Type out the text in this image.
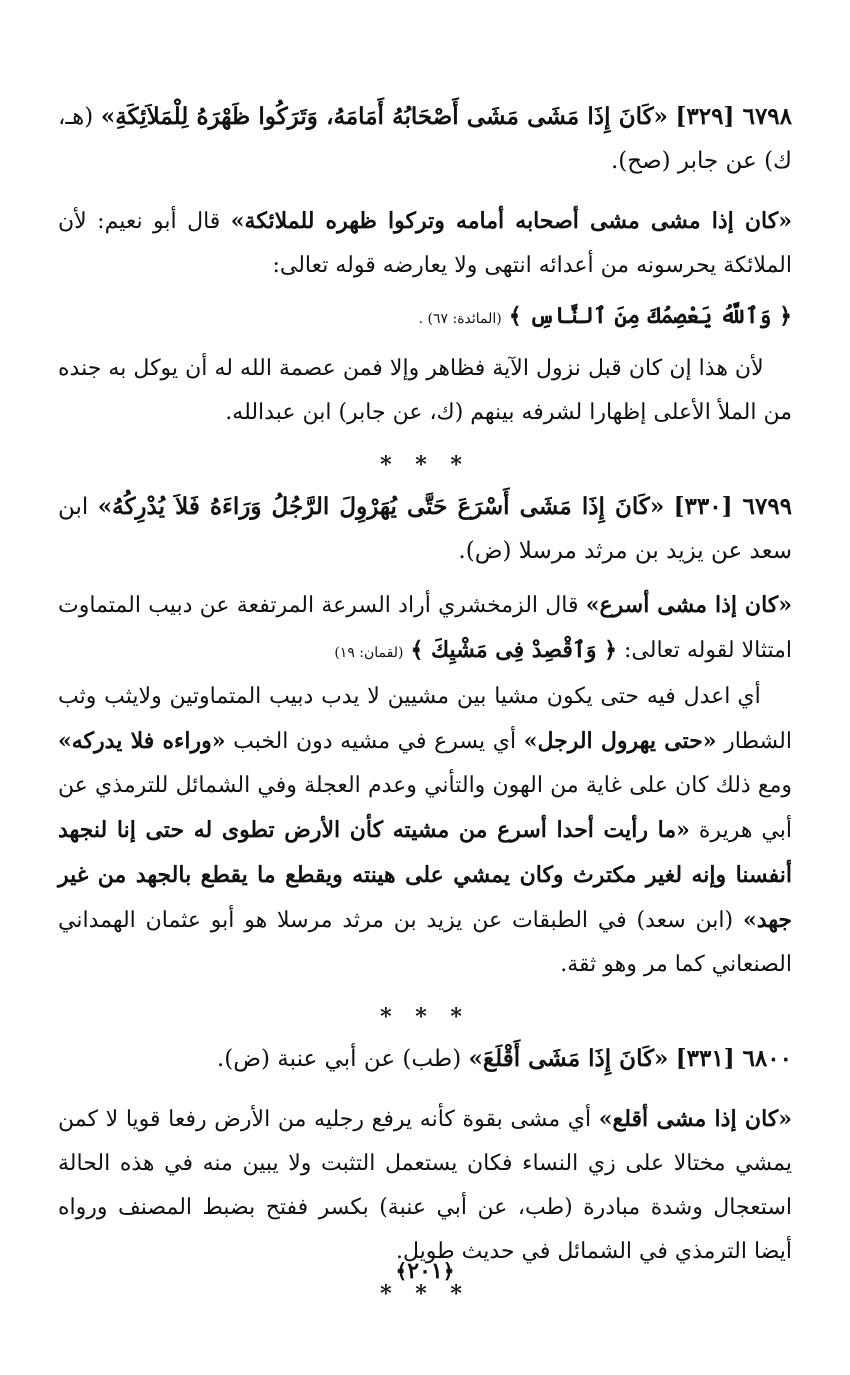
٦٧٩٨ [٣٢٩] «كَانَ إِذَا مَشَى مَشَى أَصْحَابُهُ أَمَامَهُ، وَتَرَكُوا ظَهْرَهُ لِلْمَلاَئِكَةِ» (هـ، ك) عن جابر (صح).

«كان إذا مشى مشى أصحابه أمامه وتركوا ظهره للملائكة» قال أبو نعيم: لأن الملائكة يحرسونه من أعدائه انتهى ولا يعارضه قوله تعالى:

﴿ وَٱللَّهُ يَعْصِمُكَ مِنَ ٱلنَّاسِ ﴾ (المائدة: ٦٧) .

لأن هذا إن كان قبل نزول الآية فظاهر وإلا فمن عصمة الله له أن يوكل به جنده من الملأ الأعلى إظهارا لشرفه بينهم (ك، عن جابر) ابن عبدالله.

* * *

٦٧٩٩ [٣٣٠] «كَانَ إِذَا مَشَى أَسْرَعَ حَتَّى يُهَرْوِلَ الرَّجُلُ وَرَاءَهُ فَلاَ يُدْرِكُهُ» ابن سعد عن يزيد بن مرثد مرسلا (ض).

«كان إذا مشى أسرع» قال الزمخشري أراد السرعة المرتفعة عن دبيب المتماوت امتثالا لقوله تعالى: ﴿ وَٱقْصِدْ فِى مَشْيِكَ ﴾ (لقمان: ١٩)

أي اعدل فيه حتى يكون مشيا بين مشيين لا يدب دبيب المتماوتين ولايثب وثب الشطار «حتى يهرول الرجل» أي يسرع في مشيه دون الخبب «وراءه فلا يدركه» ومع ذلك كان على غاية من الهون والتأني وعدم العجلة وفي الشمائل للترمذي عن أبي هريرة «ما رأيت أحدا أسرع من مشيته كأن الأرض تطوى له حتى إنا لنجهد أنفسنا وإنه لغير مكترث وكان يمشي على هينته ويقطع ما يقطع بالجهد من غير جهد» (ابن سعد) في الطبقات عن يزيد بن مرثد مرسلا هو أبو عثمان الهمداني الصنعاني كما مر وهو ثقة.

* * *

٦٨٠٠ [٣٣١] «كَانَ إِذَا مَشَى أَقْلَعَ» (طب) عن أبي عنبة (ض).

«كان إذا مشى أقلع» أي مشى بقوة كأنه يرفع رجليه من الأرض رفعا قويا لا كمن يمشي مختالا على زي النساء فكان يستعمل التثبت ولا يبين منه في هذه الحالة استعجال وشدة مبادرة (طب، عن أبي عنبة) بكسر ففتح بضبط المصنف ورواه أيضا الترمذي في الشمائل في حديث طويل.

* * *
﴿٢٠١﴾
